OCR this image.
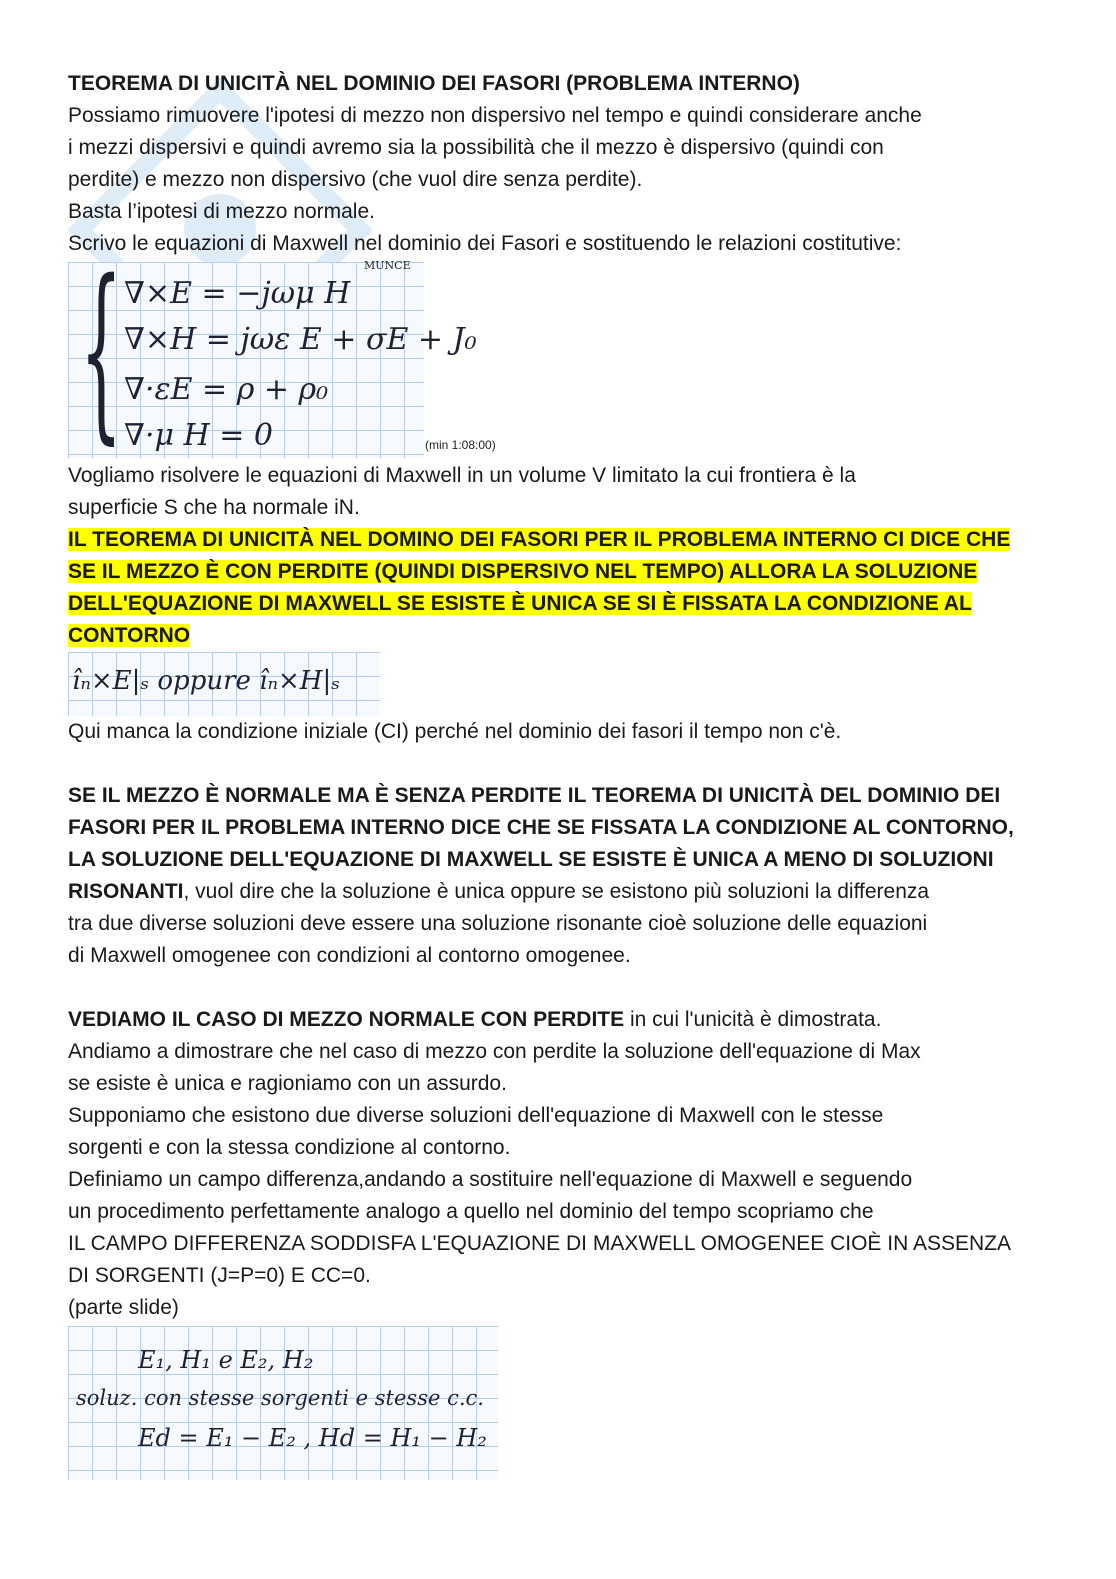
TEOREMA DI UNICITÀ NEL DOMINIO DEI FASORI (PROBLEMA INTERNO)

Possiamo rimuovere l'ipotesi di mezzo non dispersivo nel tempo e quindi considerare anche

i mezzi dispersivi e quindi avremo sia la possibilità che il mezzo è dispersivo (quindi con

perdite) e mezzo non dispersivo (che vuol dire senza perdite).

Basta l’ipotesi di mezzo normale.

Scrivo le equazioni di Maxwell nel dominio dei Fasori e sostituendo le relazioni costitutive:

MUNCE
{ ∇×E = −jωμ H
∇×H = jωε E + σE + J₀
∇·εE = ρ + ρ₀
∇·μ H = 0	(min 1:08:00)

Vogliamo risolvere le equazioni di Maxwell in un volume V limitato la cui frontiera è la

superficie S che ha normale iN.

IL TEOREMA DI UNICITÀ NEL DOMINO DEI FASORI PER IL PROBLEMA INTERNO CI DICE CHE

SE IL MEZZO È CON PERDITE (QUINDI DISPERSIVO NEL TEMPO) ALLORA LA SOLUZIONE

DELL'EQUAZIONE DI MAXWELL SE ESISTE È UNICA SE SI È FISSATA LA CONDIZIONE AL

CONTORNO

îₙ×E|ₛ oppure îₙ×H|ₛ

Qui manca la condizione iniziale (CI) perché nel dominio dei fasori il tempo non c'è.

SE IL MEZZO È NORMALE MA È SENZA PERDITE IL TEOREMA DI UNICITÀ DEL DOMINIO DEI

FASORI PER IL PROBLEMA INTERNO DICE CHE SE FISSATA LA CONDIZIONE AL CONTORNO,

LA SOLUZIONE DELL'EQUAZIONE DI MAXWELL SE ESISTE È UNICA A MENO DI SOLUZIONI

RISONANTI, vuol dire che la soluzione è unica oppure se esistono più soluzioni la differenza

tra due diverse soluzioni deve essere una soluzione risonante cioè soluzione delle equazioni

di Maxwell omogenee con condizioni al contorno omogenee.

VEDIAMO IL CASO DI MEZZO NORMALE CON PERDITE in cui l'unicità è dimostrata.

Andiamo a dimostrare che nel caso di mezzo con perdite la soluzione dell'equazione di Max

se esiste è unica e ragioniamo con un assurdo.

Supponiamo che esistono due diverse soluzioni dell'equazione di Maxwell con le stesse

sorgenti e con la stessa condizione al contorno.

Definiamo un campo differenza,andando a sostituire nell'equazione di Maxwell e seguendo

un procedimento perfettamente analogo a quello nel dominio del tempo scopriamo che

IL CAMPO DIFFERENZA SODDISFA L'EQUAZIONE DI MAXWELL OMOGENEE CIOÈ IN ASSENZA

DI SORGENTI (J=P=0) E CC=0.

(parte slide)

E₁, H₁ e E₂, H₂
soluz. con stesse sorgenti e stesse c.c.
Ed = E₁ − E₂ , Hd = H₁ − H₂
